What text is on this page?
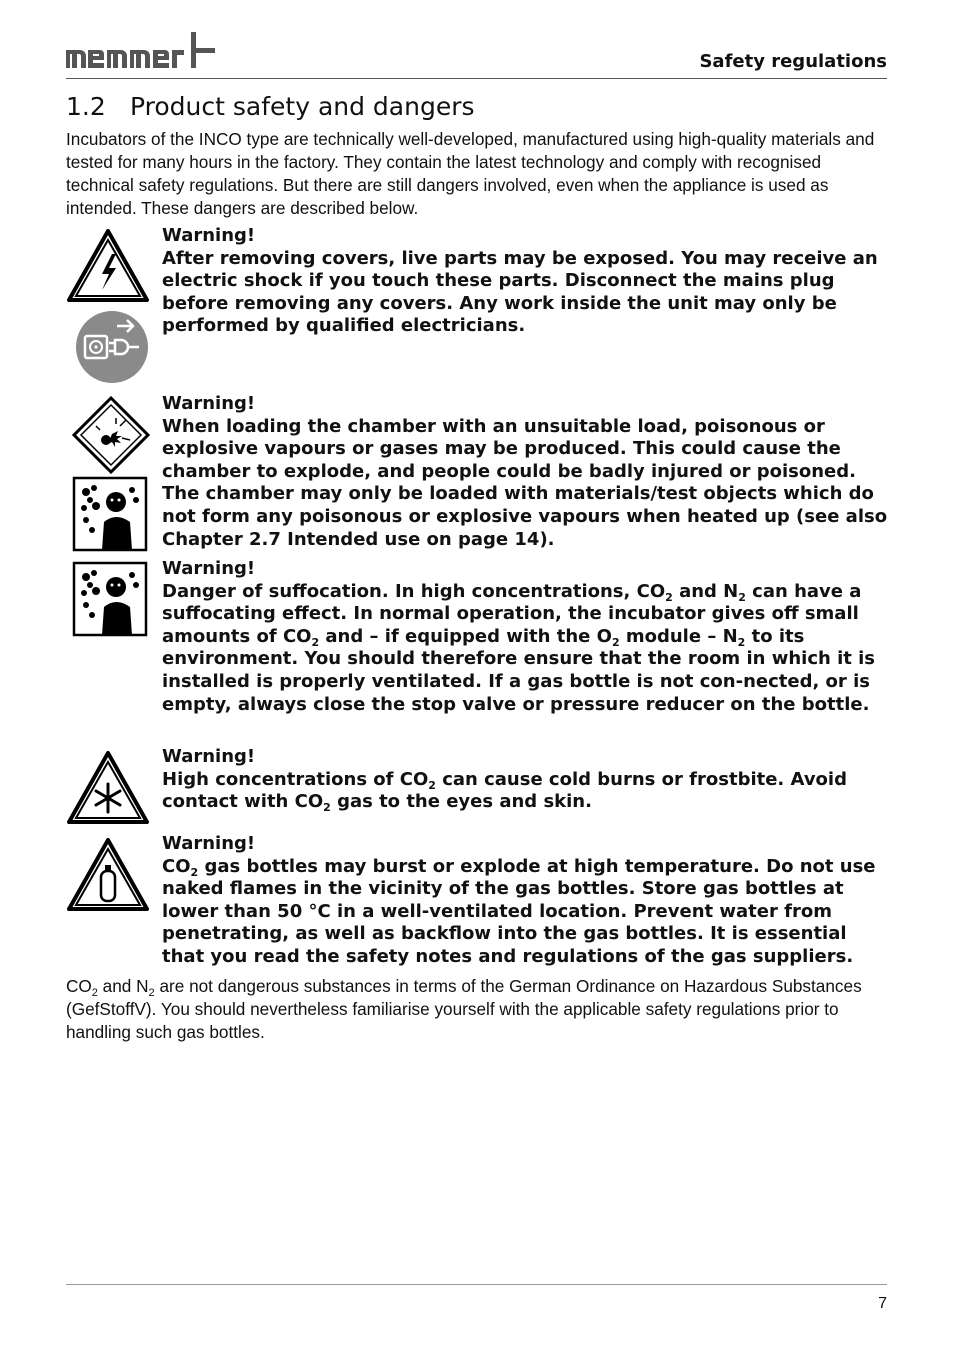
Safety regulations
1.2 Product safety and dangers
Incubators of the INCO type are technically well-developed, manufactured using high-quality materials and tested for many hours in the factory. They contain the latest technology and comply with recognised technical safety regulations. But there are still dangers involved, even when the appliance is used as intended. These dangers are described below.
Warning!
After removing covers, live parts may be exposed. You may receive an electric shock if you touch these parts. Disconnect the mains plug before removing any covers. Any work inside the unit may only be performed by qualified electricians.
Warning!
When loading the chamber with an unsuitable load, poisonous or explosive vapours or gases may be produced. This could cause the chamber to explode, and people could be badly injured or poisoned. The chamber may only be loaded with materials/test objects which do not form any poisonous or explosive vapours when heated up (see also Chapter 2.7 Intended use on page 14).
Warning!
Danger of suffocation. In high concentrations, $CO_2$ and $N_2$ can have a suffocating effect. In normal operation, the incubator gives off small amounts of $CO_2$ and – if equipped with the $O_2$ module – $N_2$ to its environment. You should therefore ensure that the room in which it is installed is properly ventilated. If a gas bottle is not con-nected, or is empty, always close the stop valve or pressure reducer on the bottle.
Warning!
High concentrations of $CO_2$ can cause cold burns or frostbite. Avoid contact with $CO_2$ gas to the eyes and skin.
Warning!
$CO_2$ gas bottles may burst or explode at high temperature. Do not use naked flames in the vicinity of the gas bottles. Store gas bottles at lower than 50 °C in a well-ventilated location. Prevent water from penetrating, as well as backflow into the gas bottles. It is essential that you read the safety notes and regulations of the gas suppliers.
$CO_2$ and $N_2$ are not dangerous substances in terms of the German Ordinance on Hazardous Substances (GefStoffV). You should nevertheless familiarise yourself with the applicable safety regulations prior to handling such gas bottles.
7
